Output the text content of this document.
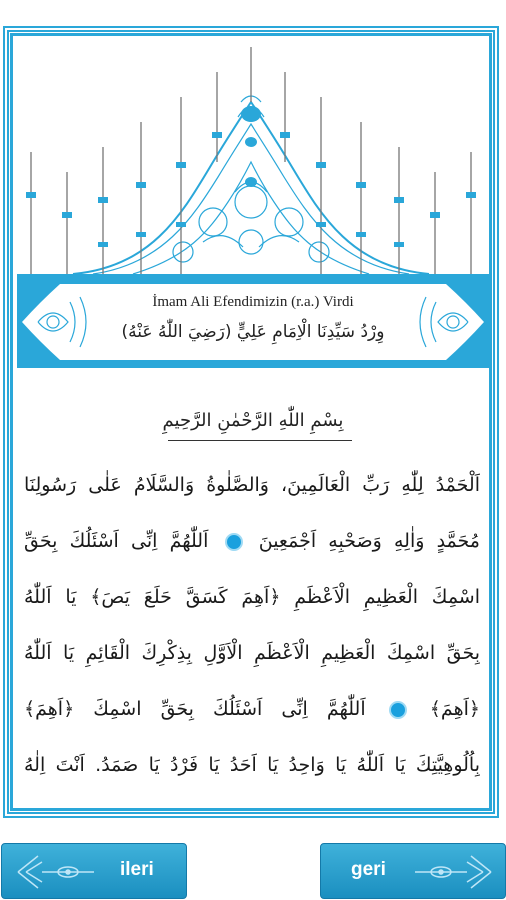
İmam Ali Efendimizin (r.a.) Virdi
وِرْدُ سَيِّدِنَا الْاِمَامِ عَلِيٍّ (رَضِيَ اللّٰهُ عَنْهُ)
بِسْمِ اللّٰهِ الرَّحْمٰنِ الرَّحِيمِ
اَلْحَمْدُ لِلّٰهِ رَبِّ الْعَالَمِينَ، وَالصَّلٰوةُ وَالسَّلَامُ عَلٰى رَسُولِنَا
مُحَمَّدٍ وَاٰلِهِ وَصَحْبِهِ اَجْمَعِينَ  اَللّٰهُمَّ اِنِّى اَسْئَلُكَ بِحَقِّ
اسْمِكَ الْعَظِيمِ الْاَعْظَمِ ﴿اَهِمَ كَسَقَّ حَلَعَ يَصَ﴾ يَا اَللّٰهُ
بِحَقِّ اسْمِكَ الْعَظِيمِ الْاَعْظَمِ الْاَوَّلِ بِذِكْرِكَ الْقَائِمِ يَا اَللّٰهُ
﴿اَهِمَ﴾  اَللّٰهُمَّ اِنِّى اَسْئَلُكَ بِحَقِّ اسْمِكَ ﴿اَهِمَ﴾
بِاُلُوهِيَّتِكَ يَا اَللّٰهُ يَا وَاحِدُ يَا اَحَدُ يَا فَرْدُ يَا صَمَدُ. اَنْتَ اِلٰهُ
ileri	geri
